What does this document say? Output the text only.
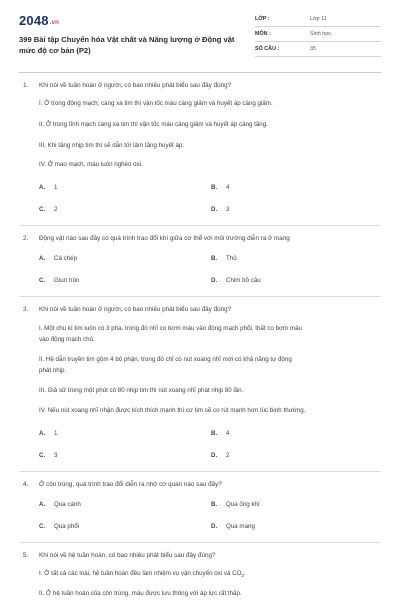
2048.vn
399 Bài tập Chuyển hóa Vật chất và Năng lượng ở Động vật mức độ cơ bản (P2)
LỚP :	Lớp 11
MÔN :	Sinh học
SỐ CÂU :	35
1. Khi nói về tuần hoàn ở người, có bao nhiêu phát biểu sau đây đúng?
I. Ở trong động mạch, càng xa tim thì vận tốc máu càng giảm và huyết áp càng giảm.
II. Ở trong tĩnh mạch càng xa tim thì vận tốc máu càng giảm và huyết áp càng tăng.
III. Khi tăng nhịp tim thì sẽ dẫn tới làm tăng huyết áp.
IV. Ở mao mạch, máu luôn nghèo oxi.
A. 1	B. 4
C. 2	D. 3
2. Động vật nào sau đây có quá trình trao đổi khí giữa cơ thể với môi trường diễn ra ở mang
A. Cá chép	B. Thỏ
C. Giun tròn	D. Chim bồ câu
3. Khi nói về tuần hoàn ở người, có bao nhiêu phát biểu sau đây đúng?
I. Một chu kì tim luôn có 3 pha, trong đó nhĩ co bơm máu vào động mạch phổi, thất co bơm máu
vào động mạch chủ.
II. Hệ dẫn truyền tim gồm 4 bộ phận, trong đó chỉ có nút xoang nhĩ mới có khả năng tự động
phát nhịp.
III. Giả sử trong một phút có 80 nhịp tim thì nút xoang nhĩ phát nhịp 80 lần.
IV. Nếu nút xoang nhĩ nhận được kích thích mạnh thì cơ tim sẽ co rút mạnh hơn lúc bình thường.
A. 1	B. 4
C. 3	D. 2
4. Ở côn trùng, quá trình trao đổi diễn ra nhờ cơ quan nào sau đây?
A. Qua cánh	B. Qua ống khí
C. Qua phổi	D. Qua mang
5. Khi nói về hệ tuần hoàn, có bao nhiêu phát biểu sau đây đúng?
I. Ở tất cả các loài, hệ tuần hoàn đều làm nhiệm vụ vận chuyển oxi và $CO_2$.
II. Ở hệ tuần hoàn của côn trùng, máu được lưu thông với áp lực rất thấp.
